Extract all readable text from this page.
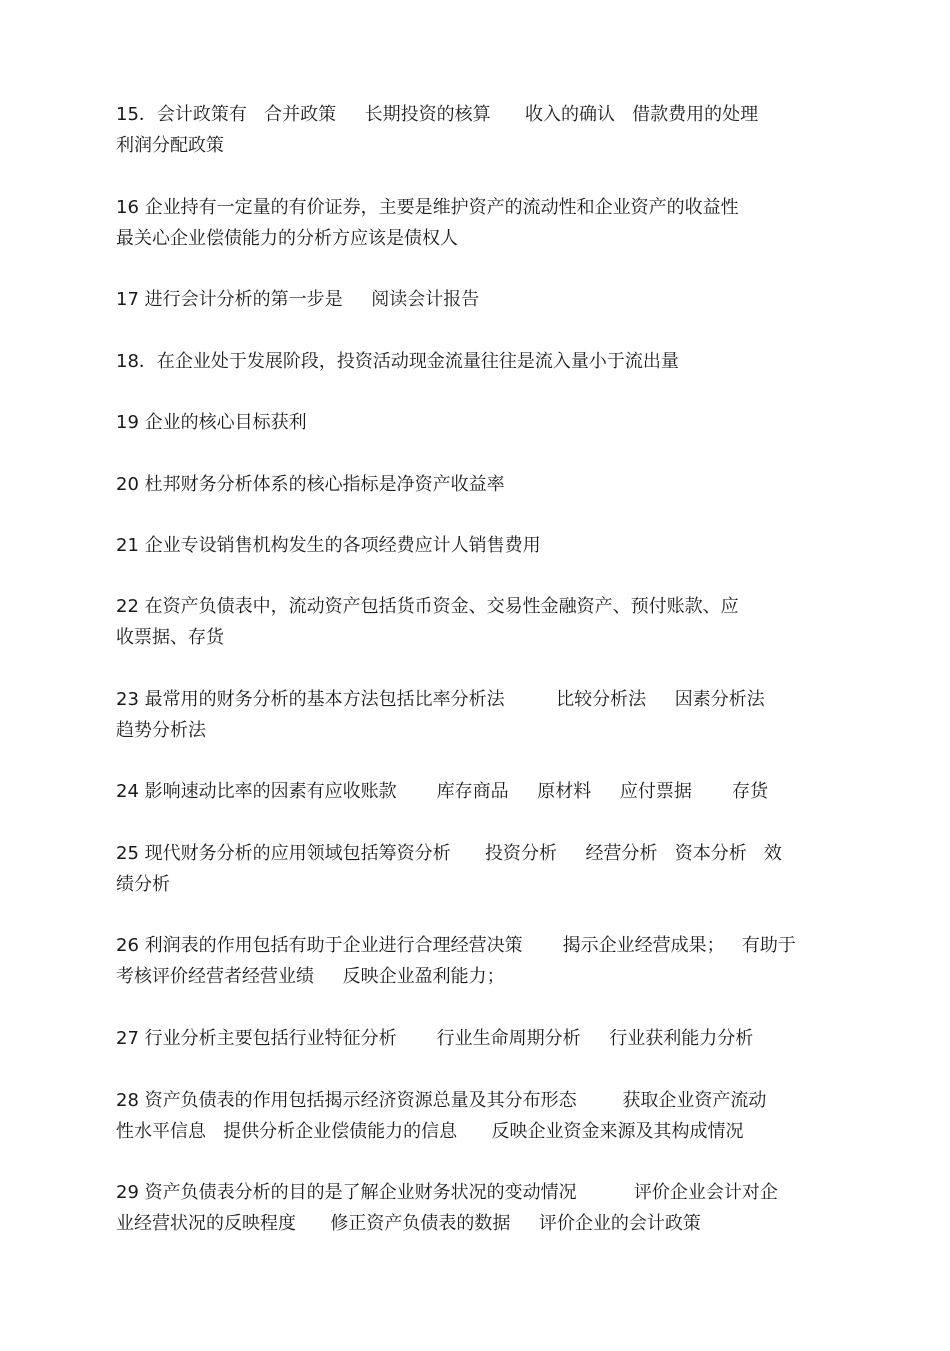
15．会计政策有   合并政策     长期投资的核算      收入的确认   借款费用的处理
利润分配政策

16 企业持有一定量的有价证券，主要是维护资产的流动性和企业资产的收益性
最关心企业偿债能力的分析方应该是债权人

17 进行会计分析的第一步是     阅读会计报告

18．在企业处于发展阶段，投资活动现金流量往往是流入量小于流出量

19 企业的核心目标获利

20 杜邦财务分析体系的核心指标是净资产收益率

21 企业专设销售机构发生的各项经费应计人销售费用

22 在资产负债表中，流动资产包括货币资金、交易性金融资产、预付账款、应
收票据、存货

23 最常用的财务分析的基本方法包括比率分析法         比较分析法     因素分析法
趋势分析法

24 影响速动比率的因素有应收账款       库存商品     原材料     应付票据       存货

25 现代财务分析的应用领域包括筹资分析      投资分析     经营分析   资本分析   效
绩分析

26 利润表的作用包括有助于企业进行合理经营决策       揭示企业经营成果；   有助于
考核评价经营者经营业绩     反映企业盈利能力；

27 行业分析主要包括行业特征分析       行业生命周期分析     行业获利能力分析

28 资产负债表的作用包括揭示经济资源总量及其分布形态        获取企业资产流动
性水平信息   提供分析企业偿债能力的信息      反映企业资金来源及其构成情况

29 资产负债表分析的目的是了解企业财务状况的变动情况          评价企业会计对企
业经营状况的反映程度      修正资产负债表的数据     评价企业的会计政策
